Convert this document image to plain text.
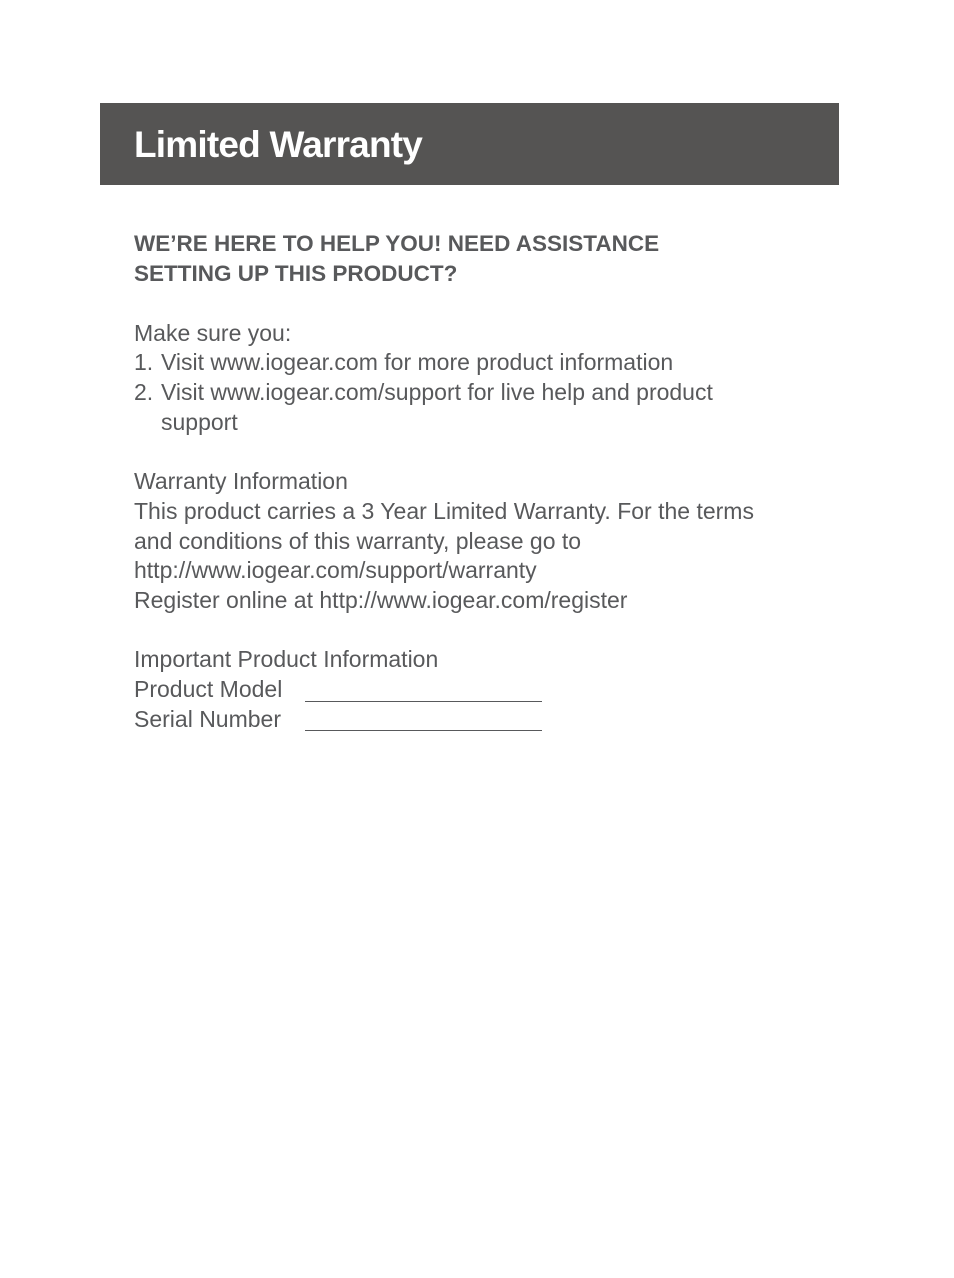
Limited Warranty

WE’RE HERE TO HELP YOU! NEED ASSISTANCE
SETTING UP THIS PRODUCT?

Make sure you:
1. Visit www.iogear.com for more product information
2. Visit www.iogear.com/support for live help and product
support
Warranty Information
This product carries a 3 Year Limited Warranty. For the terms
and conditions of this warranty, please go to
http://www.iogear.com/support/warranty
Register online at http://www.iogear.com/register
Important Product Information
Product Model
Serial Number
